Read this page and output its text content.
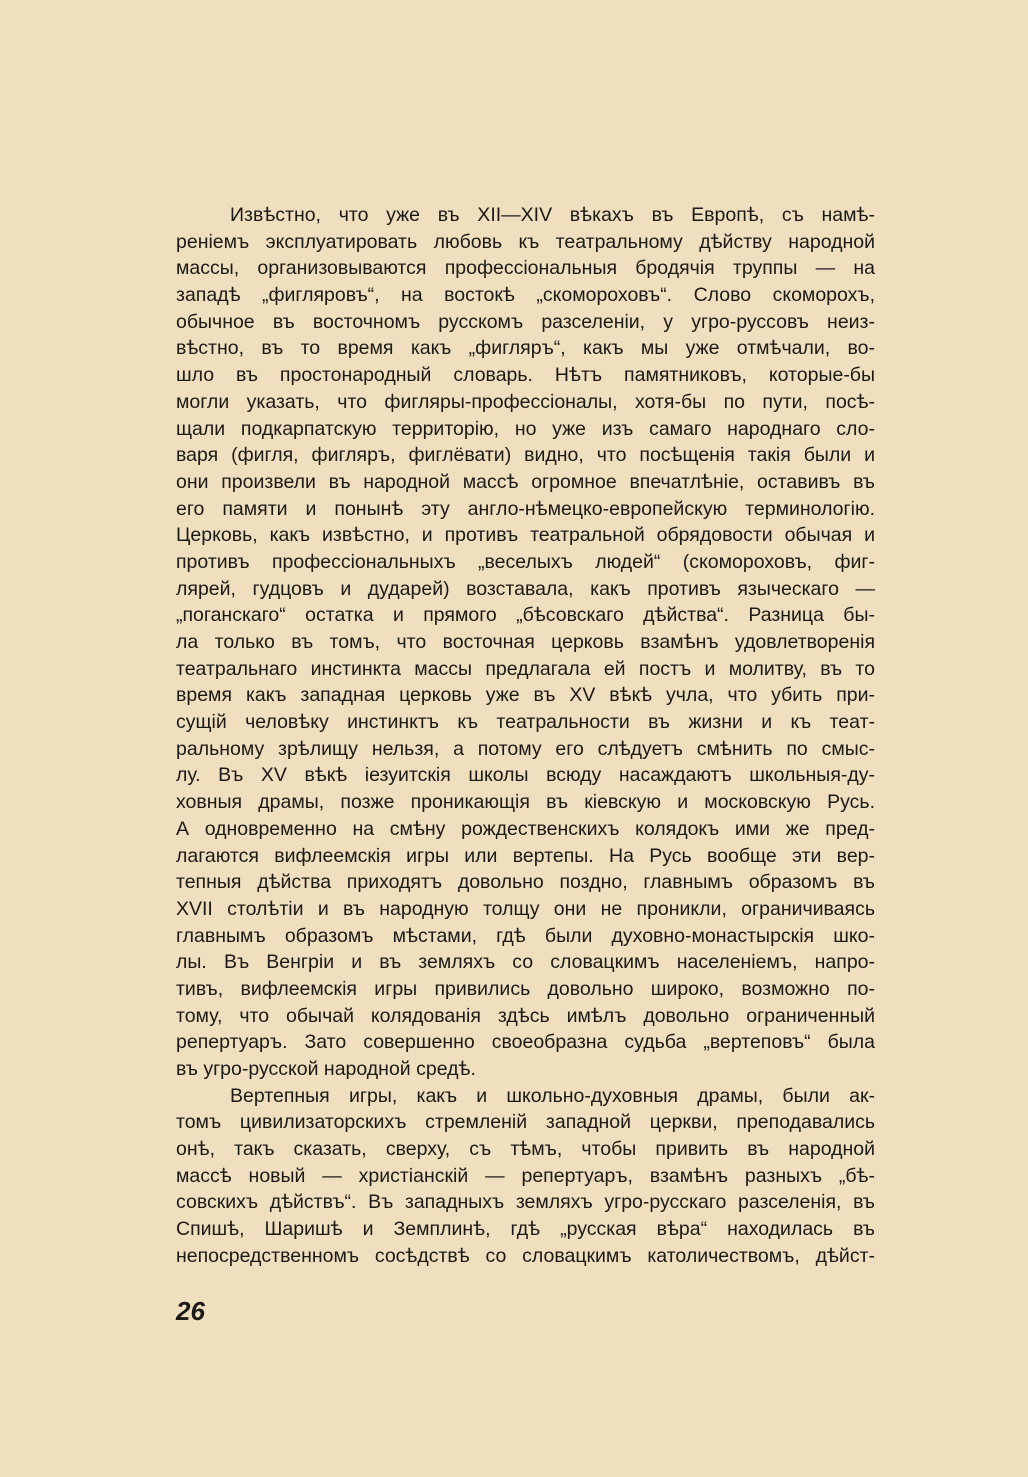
Извѣстно, что уже въ XII—XIV вѣкахъ въ Европѣ, съ намѣ-
реніемъ эксплуатировать любовь къ театральному дѣйству народной
массы, организовываются профессіональныя бродячія труппы — на
западѣ „фигляровъ“, на востокѣ „скомороховъ“. Слово скоморохъ,
обычное въ восточномъ русскомъ разселеніи, у угро-руссовъ неиз-
вѣстно, въ то время какъ „фигляръ“, какъ мы уже отмѣчали, во-
шло въ простонародный словарь. Нѣтъ памятниковъ, которые-бы
могли указать, что фигляры-профессіоналы, хотя-бы по пути, посѣ-
щали подкарпатскую территорію, но уже изъ самаго народнаго сло-
варя (фигля, фигляръ, фиглёвати) видно, что посѣщенія такія были и
они произвели въ народной массѣ огромное впечатлѣніе, оставивъ въ
его памяти и понынѣ эту англо-нѣмецко-европейскую терминологію.
Церковь, какъ извѣстно, и противъ театральной обрядовости обычая и
противъ профессіональныхъ „веселыхъ людей“ (скомороховъ, фиг-
лярей, гудцовъ и дударей) возставала, какъ противъ языческаго —
„поганскаго“ остатка и прямого „бѣсовскаго дѣйства“. Разница бы-
ла только въ томъ, что восточная церковь взамѣнъ удовлетворенія
театральнаго инстинкта массы предлагала ей постъ и молитву, въ то
время какъ западная церковь уже въ XV вѣкѣ учла, что убить при-
сущій человѣку инстинктъ къ театральности въ жизни и къ теат-
ральному зрѣлищу нельзя, а потому его слѣдуетъ смѣнить по смыс-
лу. Въ XV вѣкѣ іезуитскія школы всюду насаждаютъ школьныя-ду-
ховныя драмы, позже проникающія въ кіевскую и московскую Русь.
А одновременно на смѣну рождественскихъ колядокъ ими же пред-
лагаются вифлеемскія игры или вертепы. На Русь вообще эти вер-
тепныя дѣйства приходятъ довольно поздно, главнымъ образомъ въ
XVII столѣтіи и въ народную толщу они не проникли, ограничиваясь
главнымъ образомъ мѣстами, гдѣ были духовно-монастырскія шко-
лы. Въ Венгріи и въ земляхъ со словацкимъ населеніемъ, напро-
тивъ, вифлеемскія игры привились довольно широко, возможно по-
тому, что обычай колядованія здѣсь имѣлъ довольно ограниченный
репертуаръ. Зато совершенно своеобразна судьба „вертеповъ“ была
въ угро-русской народной средѣ.
Вертепныя игры, какъ и школьно-духовныя драмы, были ак-
томъ цивилизаторскихъ стремленій западной церкви, преподавались
онѣ, такъ сказать, сверху, съ тѣмъ, чтобы привить въ народной
массѣ новый — христіанскій — репертуаръ, взамѣнъ разныхъ „бѣ-
совскихъ дѣйствъ“. Въ западныхъ земляхъ угро-русскаго разселенія, въ
Спишѣ, Шаришѣ и Земплинѣ, гдѣ „русская вѣра“ находилась въ
непосредственномъ сосѣдствѣ со словацкимъ католичествомъ, дѣйст-
26
